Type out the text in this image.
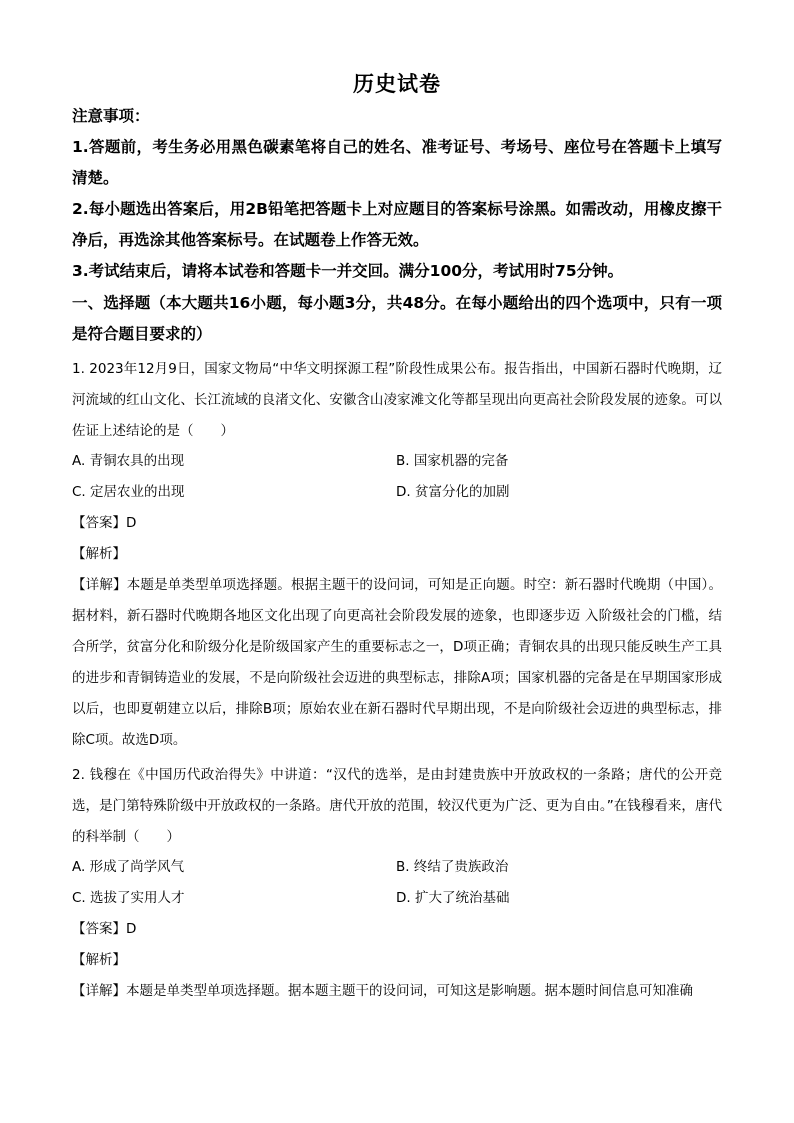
历史试卷
注意事项：
1.答题前，考生务必用黑色碳素笔将自己的姓名、准考证号、考场号、座位号在答题卡上填写清楚。
2.每小题选出答案后，用2B铅笔把答题卡上对应题目的答案标号涂黑。如需改动，用橡皮擦干净后，再选涂其他答案标号。在试题卷上作答无效。
3.考试结束后，请将本试卷和答题卡一并交回。满分100分，考试用时75分钟。
一、选择题（本大题共16小题，每小题3分，共48分。在每小题给出的四个选项中，只有一项是符合题目要求的）
1. 2023年12月9日，国家文物局“中华文明探源工程”阶段性成果公布。报告指出，中国新石器时代晚期，辽河流域的红山文化、长江流域的良渚文化、安徽含山凌家滩文化等都呈现出向更高社会阶段发展的迹象。可以佐证上述结论的是（　　）
A. 青铜农具的出现	B. 国家机器的完备
C. 定居农业的出现	D. 贫富分化的加剧
【答案】D
【解析】
【详解】本题是单类型单项选择题。根据主题干的设问词，可知是正向题。时空：新石器时代晚期（中国）。据材料，新石器时代晚期各地区文化出现了向更高社会阶段发展的迹象，也即逐步迈 入阶级社会的门槛，结合所学，贫富分化和阶级分化是阶级国家产生的重要标志之一，D项正确；青铜农具的出现只能反映生产工具的进步和青铜铸造业的发展，不是向阶级社会迈进的典型标志，排除A项；国家机器的完备是在早期国家形成以后，也即夏朝建立以后，排除B项；原始农业在新石器时代早期出现，不是向阶级社会迈进的典型标志，排除C项。故选D项。
2. 钱穆在《中国历代政治得失》中讲道：“汉代的选举，是由封建贵族中开放政权的一条路；唐代的公开竞选，是门第特殊阶级中开放政权的一条路。唐代开放的范围，较汉代更为广泛、更为自由。”在钱穆看来，唐代的科举制（　　）
A. 形成了尚学风气	B. 终结了贵族政治
C. 选拔了实用人才	D. 扩大了统治基础
【答案】D
【解析】
【详解】本题是单类型单项选择题。据本题主题干的设问词，可知这是影响题。据本题时间信息可知准确
